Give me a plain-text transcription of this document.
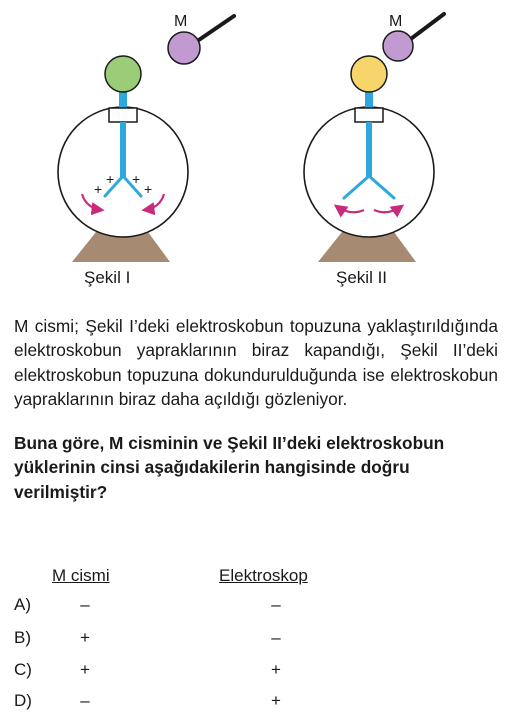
+
+
+
+
M	M
Şekil I	Şekil II

M cismi; Şekil I’deki elektroskobun topuzuna yaklaştırıldığında elektroskobun yapraklarının biraz kapandığı, Şekil II’deki elektroskobun topuzuna dokundurulduğunda ise elektroskobun yapraklarının biraz daha açıldığı gözleniyor.

Buna göre, M cisminin ve Şekil II’deki elektroskobun yüklerinin cinsi aşağıdakilerin hangisinde doğru verilmiştir?

M cismi	Elektroskop
A)	–	–
B)	+	–
C)	+	+
D)	–	+
